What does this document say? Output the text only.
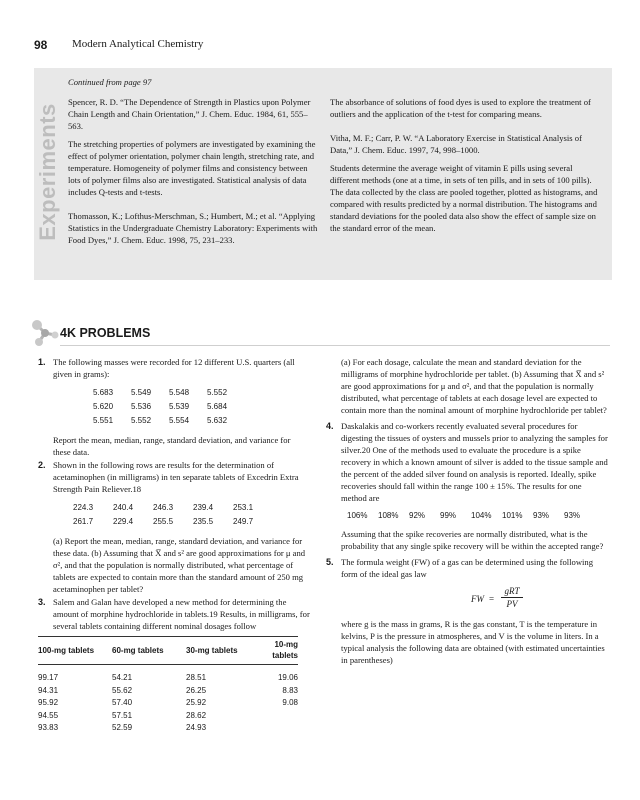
98 Modern Analytical Chemistry
Experiments

Continued from page 97

Spencer, R. D. “The Dependence of Strength in Plastics upon Polymer Chain Length and Chain Orientation,” J. Chem. Educ. 1984, 61, 555–563.

The stretching properties of polymers are investigated by examining the effect of polymer orientation, polymer chain length, stretching rate, and temperature. Homogeneity of polymer films and consistency between lots of polymer films also are investigated. Statistical analysis of data includes Q-tests and t-tests.

Thomasson, K.; Lofthus-Merschman, S.; Humbert, M.; et al. “Applying Statistics in the Undergraduate Chemistry Laboratory: Experiments with Food Dyes,” J. Chem. Educ. 1998, 75, 231–233.

The absorbance of solutions of food dyes is used to explore the treatment of outliers and the application of the t-test for comparing means.

Vitha, M. F.; Carr, P. W. “A Laboratory Exercise in Statistical Analysis of Data,” J. Chem. Educ. 1997, 74, 998–1000.

Students determine the average weight of vitamin E pills using several different methods (one at a time, in sets of ten pills, and in sets of 100 pills). The data collected by the class are pooled together, plotted as histograms, and compared with results predicted by a normal distribution. The histograms and standard deviations for the pooled data also show the effect of sample size on the standard error of the mean.

4K PROBLEMS
1. The following masses were recorded for 12 different U.S. quarters (all given in grams):
5.683 5.549 5.548 5.552
5.620 5.536 5.539 5.684
5.551 5.552 5.554 5.632
Report the mean, median, range, standard deviation, and variance for these data.
2. Shown in the following rows are results for the determination of acetaminophen (in milligrams) in ten separate tablets of Excedrin Extra Strength Pain Reliever.18
224.3 240.4 246.3 239.4 253.1
261.7 229.4 255.5 235.5 249.7
(a) Report the mean, median, range, standard deviation, and variance for these data. (b) Assuming that X̅ and s² are good approximations for μ and σ², and that the population is normally distributed, what percentage of tablets are expected to contain more than the standard amount of 250 mg acetaminophen per tablet?
3. Salem and Galan have developed a new method for determining the amount of morphine hydrochloride in tablets.19 Results, in milligrams, for several tablets containing different nominal dosages follow
100-mg tablets	60-mg tablets	30-mg tablets	10-mg tablets
99.17	54.21	28.51	19.06
94.31	55.62	26.25	8.83
95.92	57.40	25.92	9.08
94.55	57.51	28.62	
93.83	52.59	24.93	
(a) For each dosage, calculate the mean and standard deviation for the milligrams of morphine hydrochloride per tablet. (b) Assuming that X̅ and s² are good approximations for μ and σ², and that the population is normally distributed, what percentage of tablets at each dosage level are expected to contain more than the nominal amount of morphine hydrochloride per tablet?
4. Daskalakis and co-workers recently evaluated several procedures for digesting the tissues of oysters and mussels prior to analyzing the samples for silver.20 One of the methods used to evaluate the procedure is a spike recovery in which a known amount of silver is added to the tissue sample and the percent of the added silver found on analysis is reported. Ideally, spike recoveries should fall within the range 100 ± 15%. The results for one method are
106% 108% 92% 99% 104% 101% 93% 93%
Assuming that the spike recoveries are normally distributed, what is the probability that any single spike recovery will be within the accepted range?
5. The formula weight (FW) of a gas can be determined using the following form of the ideal gas law
FW =
gRT
PV
where g is the mass in grams, R is the gas constant, T is the temperature in kelvins, P is the pressure in atmospheres, and V is the volume in liters. In a typical analysis the following data are obtained (with estimated uncertainties in parentheses)
